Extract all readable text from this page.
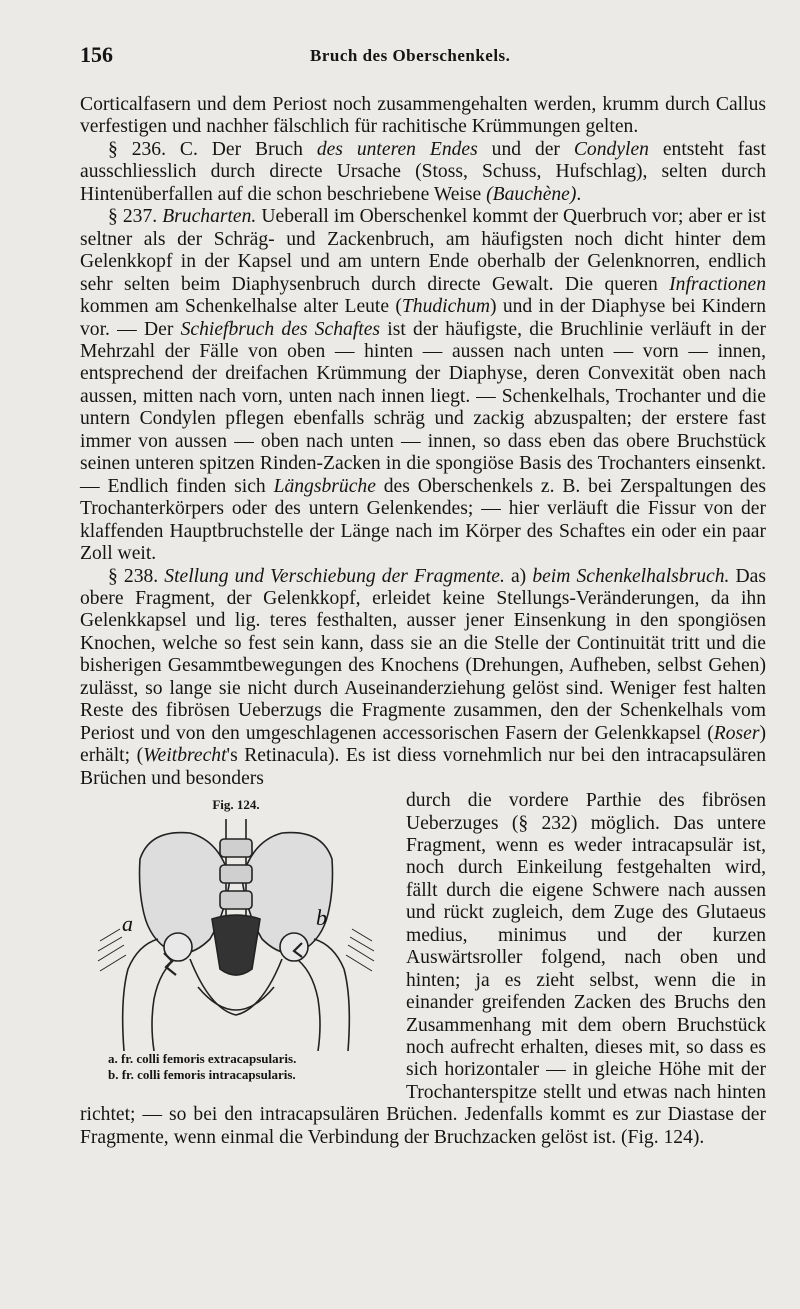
156	Bruch des Oberschenkels.

Corticalfasern und dem Periost noch zusammengehalten werden, krumm durch Callus verfestigen und nachher fälschlich für rachitische Krümmungen gelten.

§ 236. C. Der Bruch des unteren Endes und der Condylen entsteht fast ausschliesslich durch directe Ursache (Stoss, Schuss, Hufschlag), selten durch Hintenüberfallen auf die schon beschriebene Weise (Bauchène).

§ 237. Brucharten. Ueberall im Oberschenkel kommt der Querbruch vor; aber er ist seltner als der Schräg- und Zackenbruch, am häufigsten noch dicht hinter dem Gelenkkopf in der Kapsel und am untern Ende oberhalb der Gelenknorren, endlich sehr selten beim Diaphysenbruch durch directe Gewalt. Die queren Infractionen kommen am Schenkelhalse alter Leute (Thudichum) und in der Diaphyse bei Kindern vor. — Der Schiefbruch des Schaftes ist der häufigste, die Bruchlinie verläuft in der Mehrzahl der Fälle von oben — hinten — aussen nach unten — vorn — innen, entsprechend der dreifachen Krümmung der Diaphyse, deren Convexität oben nach aussen, mitten nach vorn, unten nach innen liegt. — Schenkelhals, Trochanter und die untern Condylen pflegen ebenfalls schräg und zackig abzuspalten; der erstere fast immer von aussen — oben nach unten — innen, so dass eben das obere Bruchstück seinen unteren spitzen Rinden-Zacken in die spongiöse Basis des Trochanters einsenkt. — Endlich finden sich Längsbrüche des Oberschenkels z. B. bei Zerspaltungen des Trochanterkörpers oder des untern Gelenkendes; — hier verläuft die Fissur von der klaffenden Hauptbruchstelle der Länge nach im Körper des Schaftes ein oder ein paar Zoll weit.

§ 238. Stellung und Verschiebung der Fragmente. a) beim Schenkelhalsbruch. Das obere Fragment, der Gelenkkopf, erleidet keine Stellungs-Veränderungen, da ihn Gelenkkapsel und lig. teres festhalten, ausser jener Einsenkung in den spongiösen Knochen, welche so fest sein kann, dass sie an die Stelle der Continuität tritt und die bisherigen Gesammtbewegungen des Knochens (Drehungen, Aufheben, selbst Gehen) zulässt, so lange sie nicht durch Auseinanderziehung gelöst sind. Weniger fest halten Reste des fibrösen Ueberzugs die Fragmente zusammen, den der Schenkelhals vom Periost und von den umgeschlagenen accessorischen Fasern der Gelenkkapsel (Roser) erhält; (Weitbrecht's Retinacula). Es ist diess vornehmlich nur bei den intracapsulären Brüchen und besonders

Fig. 124.
a	b
a. fr. colli femoris extracapsularis.
b. fr. colli femoris intracapsularis.

durch die vordere Parthie des fibrösen Ueberzuges (§ 232) möglich. Das untere Fragment, wenn es weder intracapsulär ist, noch durch Einkeilung festgehalten wird, fällt durch die eigene Schwere nach aussen und rückt zugleich, dem Zuge des Glutaeus medius, minimus und der kurzen Auswärtsroller folgend, nach oben und hinten; ja es zieht selbst, wenn die in einander greifenden Zacken des Bruchs den Zusammenhang mit dem obern Bruchstück noch aufrecht erhalten, dieses mit, so dass es sich horizontaler — in gleiche Höhe mit der Trochanterspitze stellt und etwas nach hinten richtet; — so bei den intracapsulären Brüchen. Jedenfalls kommt es zur Diastase der Fragmente, wenn einmal die Verbindung der Bruchzacken gelöst ist. (Fig. 124).
